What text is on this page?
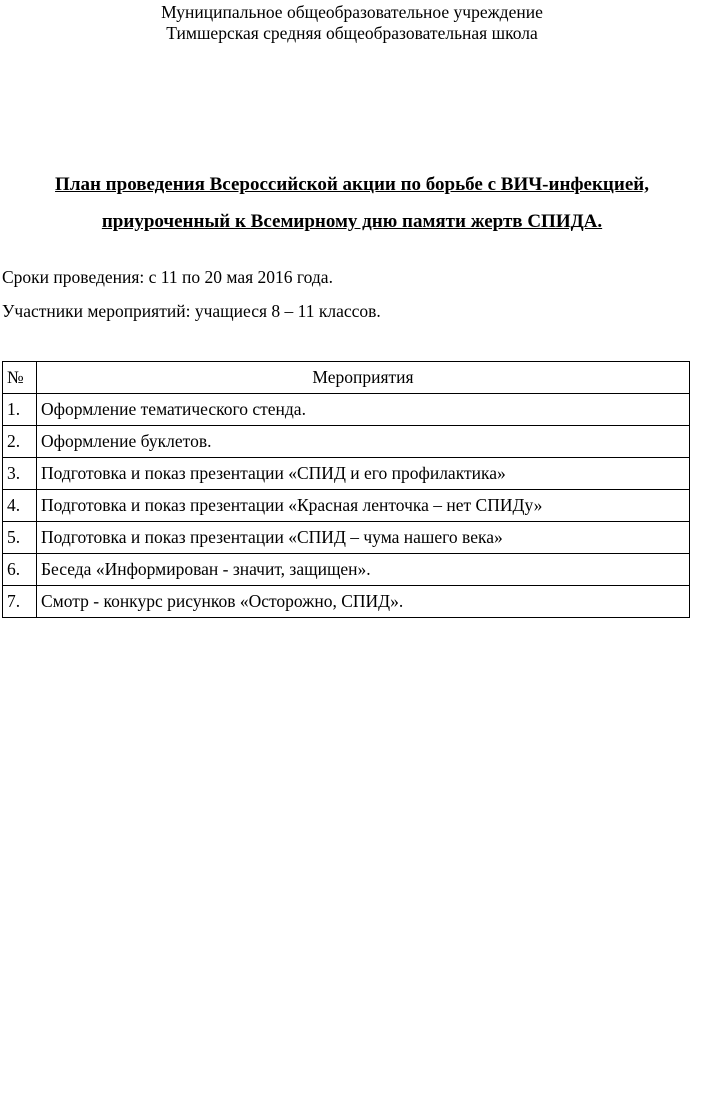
Муниципальное общеобразовательное учреждение
Тимшерская средняя общеобразовательная школа
План проведения Всероссийской акции по борьбе с ВИЧ-инфекцией,
приуроченный к Всемирному дню памяти жертв СПИДА.
Сроки проведения: с 11 по 20 мая 2016 года.
Участники мероприятий: учащиеся 8 – 11 классов.
№	Мероприятия
1.	Оформление тематического стенда.
2.	Оформление буклетов.
3.	Подготовка и показ презентации «СПИД и его профилактика»
4.	Подготовка и показ презентации «Красная ленточка – нет СПИДу»
5.	Подготовка и показ презентации «СПИД – чума нашего века»
6.	Беседа «Информирован - значит, защищен».
7.	Смотр - конкурс рисунков «Осторожно, СПИД».
